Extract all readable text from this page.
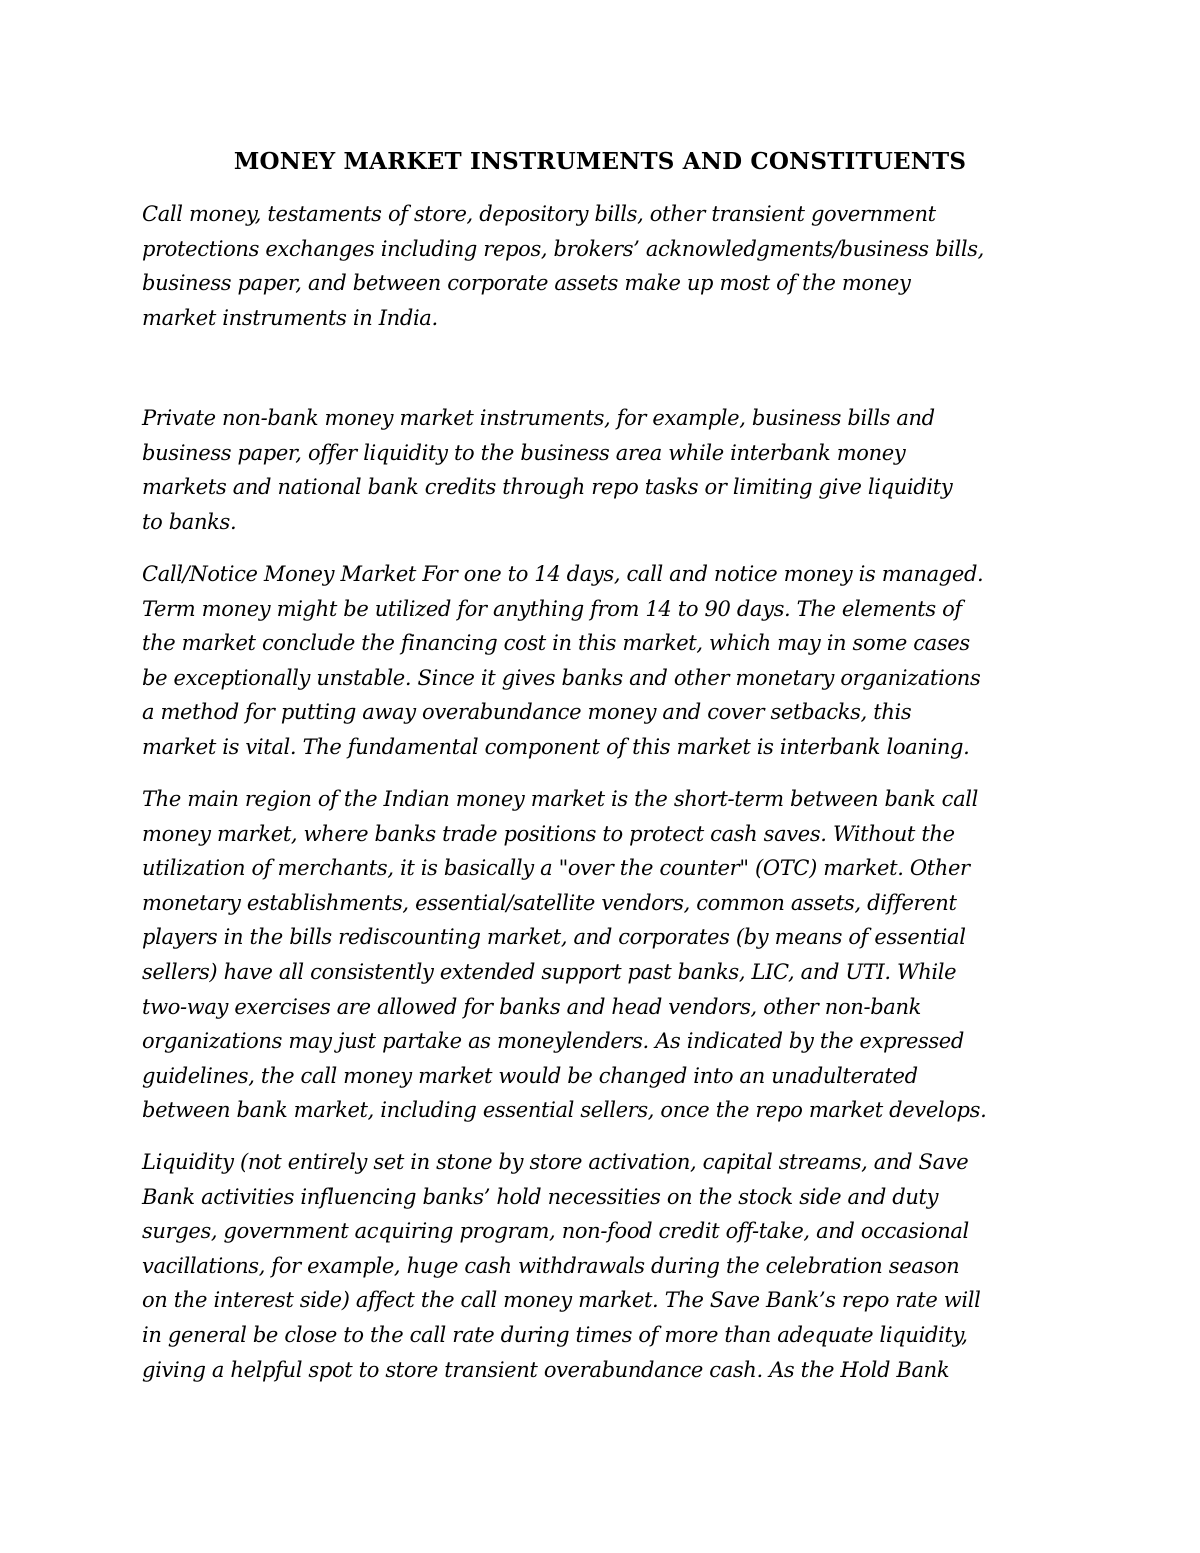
MONEY MARKET INSTRUMENTS AND CONSTITUENTS

Call money, testaments of store, depository bills, other transient government
protections exchanges including repos, brokers’ acknowledgments/business bills,
business paper, and between corporate assets make up most of the money
market instruments in India.

Private non-bank money market instruments, for example, business bills and
business paper, offer liquidity to the business area while interbank money
markets and national bank credits through repo tasks or limiting give liquidity
to banks.

Call/Notice Money Market For one to 14 days, call and notice money is managed.
Term money might be utilized for anything from 14 to 90 days. The elements of
the market conclude the financing cost in this market, which may in some cases
be exceptionally unstable. Since it gives banks and other monetary organizations
a method for putting away overabundance money and cover setbacks, this
market is vital. The fundamental component of this market is interbank loaning.

The main region of the Indian money market is the short-term between bank call
money market, where banks trade positions to protect cash saves. Without the
utilization of merchants, it is basically a "over the counter" (OTC) market. Other
monetary establishments, essential/satellite vendors, common assets, different
players in the bills rediscounting market, and corporates (by means of essential
sellers) have all consistently extended support past banks, LIC, and UTI. While
two-way exercises are allowed for banks and head vendors, other non-bank
organizations may just partake as moneylenders. As indicated by the expressed
guidelines, the call money market would be changed into an unadulterated
between bank market, including essential sellers, once the repo market develops.

Liquidity (not entirely set in stone by store activation, capital streams, and Save
Bank activities influencing banks’ hold necessities on the stock side and duty
surges, government acquiring program, non-food credit off-take, and occasional
vacillations, for example, huge cash withdrawals during the celebration season
on the interest side) affect the call money market. The Save Bank’s repo rate will
in general be close to the call rate during times of more than adequate liquidity,
giving a helpful spot to store transient overabundance cash. As the Hold Bank
